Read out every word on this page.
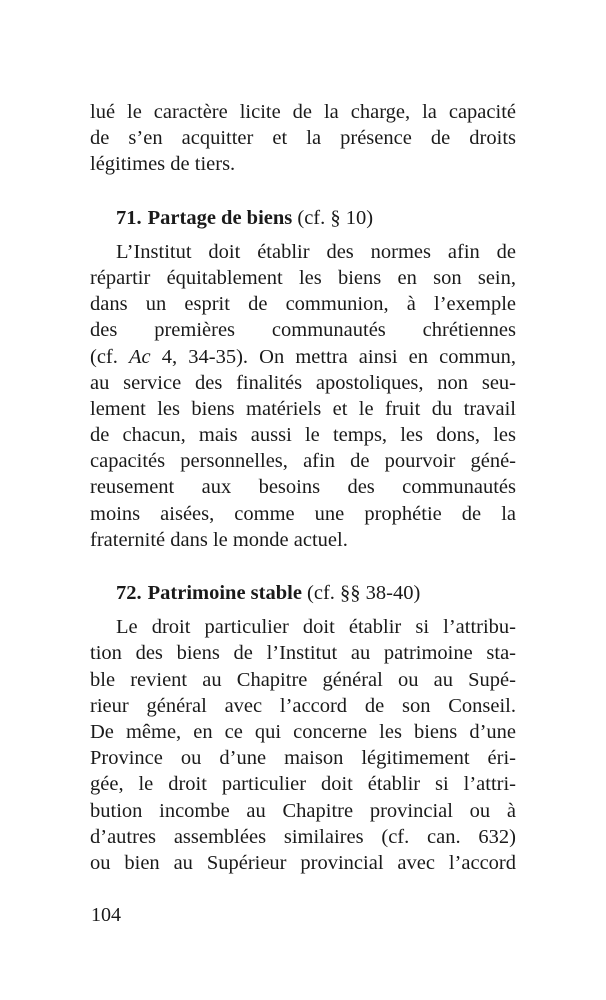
lué le caractère licite de la charge, la capacité
de s’en acquitter et la présence de droits
légitimes de tiers.
71. Partage de biens (cf. § 10)
L’Institut doit établir des normes afin de
répartir équitablement les biens en son sein,
dans un esprit de communion, à l’exemple
des premières communautés chrétiennes
(cf. Ac 4, 34-35). On mettra ainsi en commun,
au service des finalités apostoliques, non seu-
lement les biens matériels et le fruit du travail
de chacun, mais aussi le temps, les dons, les
capacités personnelles, afin de pourvoir géné-
reusement aux besoins des communautés
moins aisées, comme une prophétie de la
fraternité dans le monde actuel.
72. Patrimoine stable (cf. §§ 38-40)
Le droit particulier doit établir si l’attribu-
tion des biens de l’Institut au patrimoine sta-
ble revient au Chapitre général ou au Supé-
rieur général avec l’accord de son Conseil.
De même, en ce qui concerne les biens d’une
Province ou d’une maison légitimement éri-
gée, le droit particulier doit établir si l’attri-
bution incombe au Chapitre provincial ou à
d’autres assemblées similaires (cf. can. 632)
ou bien au Supérieur provincial avec l’accord
104
